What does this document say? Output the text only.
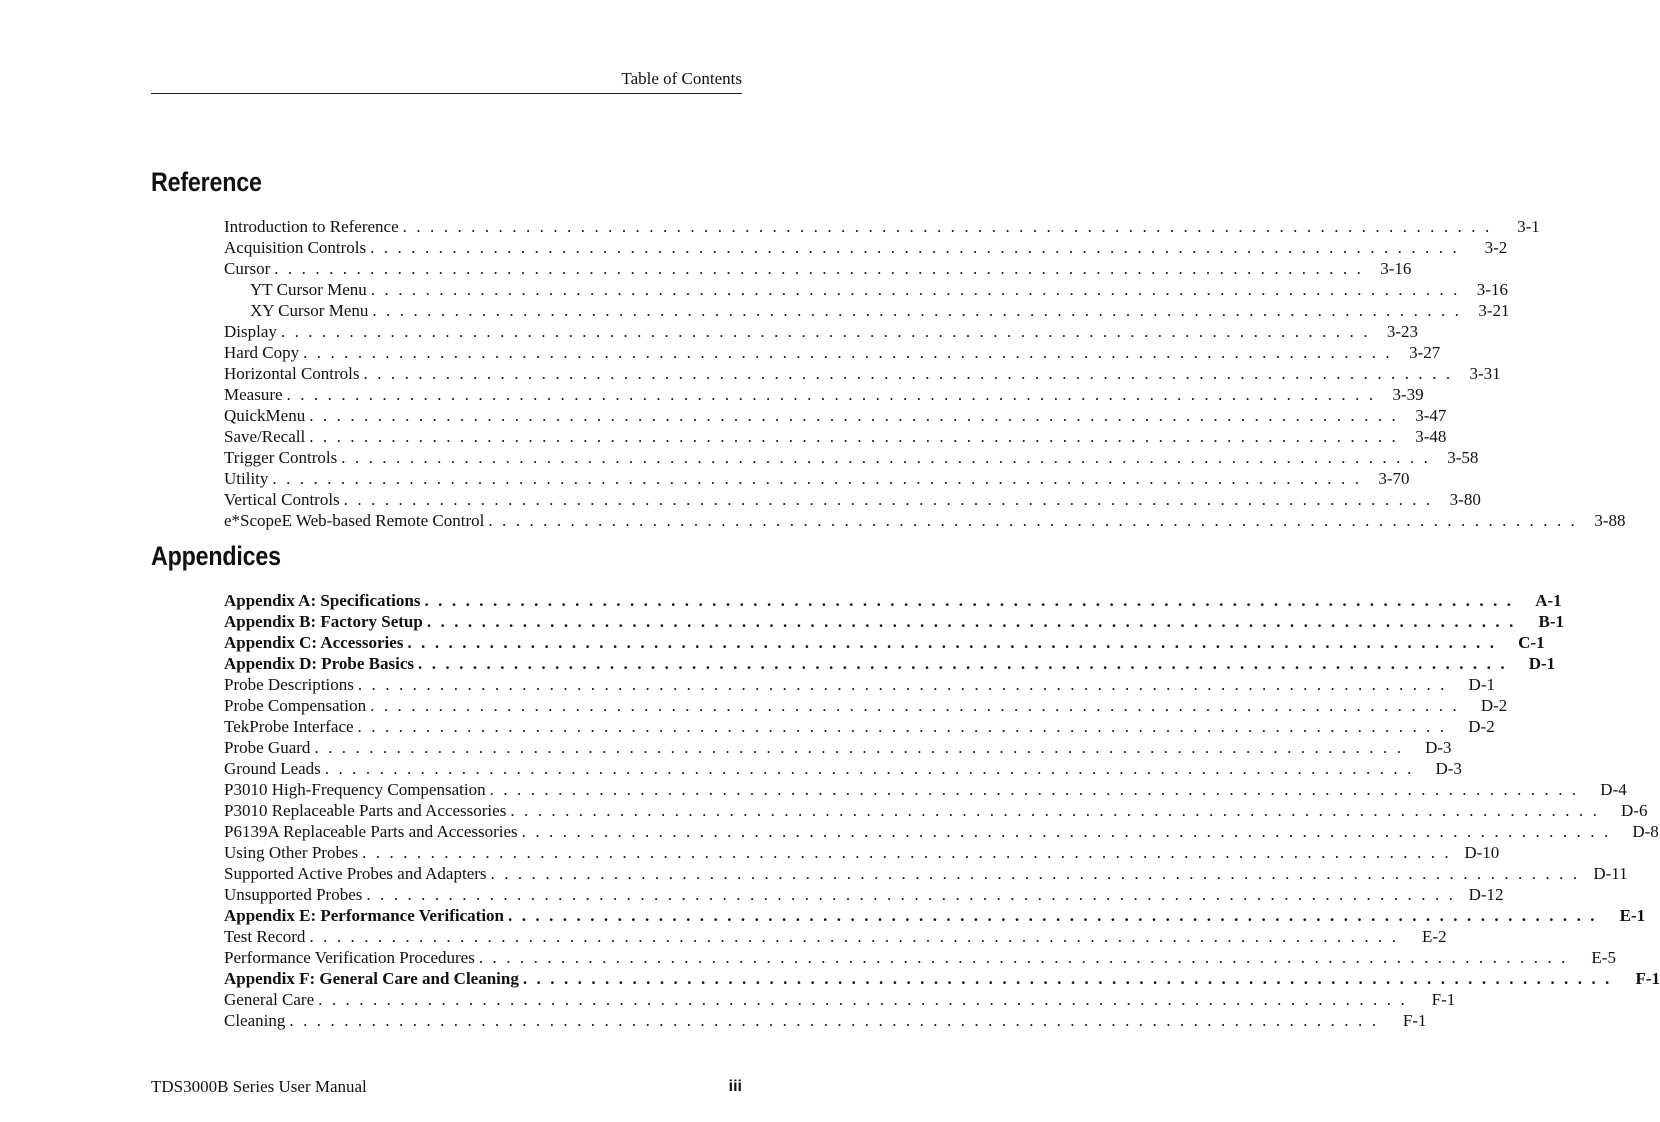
Table of Contents
Reference
Introduction to Reference . . . . . . . . . . . . . . . . . . . . . . . . . . . . . . . . . . . . . . . . . . . . . . . . . . . . . . . . . . . . . . . . . . . . . . . . . . . . . . . .	3-1
Acquisition Controls . . . . . . . . . . . . . . . . . . . . . . . . . . . . . . . . . . . . . . . . . . . . . . . . . . . . . . . . . . . . . . . . . . . . . . . . . . . . . . . .	3-2
Cursor . . . . . . . . . . . . . . . . . . . . . . . . . . . . . . . . . . . . . . . . . . . . . . . . . . . . . . . . . . . . . . . . . . . . . . . . . . . . . . . . 3-16
YT Cursor Menu . . . . . . . . . . . . . . . . . . . . . . . . . . . . . . . . . . . . . . . . . . . . . . . . . . . . . . . . . . . . . . . . . . . . . . . . . . . . . . . . 3-16
XY Cursor Menu . . . . . . . . . . . . . . . . . . . . . . . . . . . . . . . . . . . . . . . . . . . . . . . . . . . . . . . . . . . . . . . . . . . . . . . . . . . . . . . . 3-21
Display . . . . . . . . . . . . . . . . . . . . . . . . . . . . . . . . . . . . . . . . . . . . . . . . . . . . . . . . . . . . . . . . . . . . . . . . . . . . . . . . 3-23
Hard Copy . . . . . . . . . . . . . . . . . . . . . . . . . . . . . . . . . . . . . . . . . . . . . . . . . . . . . . . . . . . . . . . . . . . . . . . . . . . . . . . . 3-27
Horizontal Controls . . . . . . . . . . . . . . . . . . . . . . . . . . . . . . . . . . . . . . . . . . . . . . . . . . . . . . . . . . . . . . . . . . . . . . . . . . . . . . . . 3-31
Measure . . . . . . . . . . . . . . . . . . . . . . . . . . . . . . . . . . . . . . . . . . . . . . . . . . . . . . . . . . . . . . . . . . . . . . . . . . . . . . . . 3-39
QuickMenu . . . . . . . . . . . . . . . . . . . . . . . . . . . . . . . . . . . . . . . . . . . . . . . . . . . . . . . . . . . . . . . . . . . . . . . . . . . . . . . . 3-47
Save/Recall . . . . . . . . . . . . . . . . . . . . . . . . . . . . . . . . . . . . . . . . . . . . . . . . . . . . . . . . . . . . . . . . . . . . . . . . . . . . . . . . 3-48
Trigger Controls . . . . . . . . . . . . . . . . . . . . . . . . . . . . . . . . . . . . . . . . . . . . . . . . . . . . . . . . . . . . . . . . . . . . . . . . . . . . . . . . 3-58
Utility . . . . . . . . . . . . . . . . . . . . . . . . . . . . . . . . . . . . . . . . . . . . . . . . . . . . . . . . . . . . . . . . . . . . . . . . . . . . . . . . 3-70
Vertical Controls . . . . . . . . . . . . . . . . . . . . . . . . . . . . . . . . . . . . . . . . . . . . . . . . . . . . . . . . . . . . . . . . . . . . . . . . . . . . . . . . 3-80
e*ScopeE Web-based Remote Control . . . . . . . . . . . . . . . . . . . . . . . . . . . . . . . . . . . . . . . . . . . . . . . . . . . . . . . . . . . . . . . . . . . . . . . . . . . . . . . . 3-88
Appendices
Appendix A: Specifications . . . . . . . . . . . . . . . . . . . . . . . . . . . . . . . . . . . . . . . . . . . . . . . . . . . . . . . . . . . . . . . . . . . . . . . . . . . . . . . .	A-1
Appendix B: Factory Setup . . . . . . . . . . . . . . . . . . . . . . . . . . . . . . . . . . . . . . . . . . . . . . . . . . . . . . . . . . . . . . . . . . . . . . . . . . . . . . . .	B-1
Appendix C: Accessories . . . . . . . . . . . . . . . . . . . . . . . . . . . . . . . . . . . . . . . . . . . . . . . . . . . . . . . . . . . . . . . . . . . . . . . . . . . . . . . .	C-1
Appendix D: Probe Basics . . . . . . . . . . . . . . . . . . . . . . . . . . . . . . . . . . . . . . . . . . . . . . . . . . . . . . . . . . . . . . . . . . . . . . . . . . . . . . . .	D-1
Probe Descriptions . . . . . . . . . . . . . . . . . . . . . . . . . . . . . . . . . . . . . . . . . . . . . . . . . . . . . . . . . . . . . . . . . . . . . . . . . . . . . . . .	D-1
Probe Compensation . . . . . . . . . . . . . . . . . . . . . . . . . . . . . . . . . . . . . . . . . . . . . . . . . . . . . . . . . . . . . . . . . . . . . . . . . . . . . . . .	D-2
TekProbe Interface . . . . . . . . . . . . . . . . . . . . . . . . . . . . . . . . . . . . . . . . . . . . . . . . . . . . . . . . . . . . . . . . . . . . . . . . . . . . . . . .	D-2
Probe Guard . . . . . . . . . . . . . . . . . . . . . . . . . . . . . . . . . . . . . . . . . . . . . . . . . . . . . . . . . . . . . . . . . . . . . . . . . . . . . . . .	D-3
Ground Leads . . . . . . . . . . . . . . . . . . . . . . . . . . . . . . . . . . . . . . . . . . . . . . . . . . . . . . . . . . . . . . . . . . . . . . . . . . . . . . . .	D-3
P3010 High-Frequency Compensation . . . . . . . . . . . . . . . . . . . . . . . . . . . . . . . . . . . . . . . . . . . . . . . . . . . . . . . . . . . . . . . . . . . . . . . . . . . . . . . .	D-4
P3010 Replaceable Parts and Accessories . . . . . . . . . . . . . . . . . . . . . . . . . . . . . . . . . . . . . . . . . . . . . . . . . . . . . . . . . . . . . . . . . . . . . . . . . . . . . . . .	D-6
P6139A Replaceable Parts and Accessories . . . . . . . . . . . . . . . . . . . . . . . . . . . . . . . . . . . . . . . . . . . . . . . . . . . . . . . . . . . . . . . . . . . . . . . . . . . . . . . .	D-8
Using Other Probes . . . . . . . . . . . . . . . . . . . . . . . . . . . . . . . . . . . . . . . . . . . . . . . . . . . . . . . . . . . . . . . . . . . . . . . . . . . . . . . . D-10
Supported Active Probes and Adapters . . . . . . . . . . . . . . . . . . . . . . . . . . . . . . . . . . . . . . . . . . . . . . . . . . . . . . . . . . . . . . . . . . . . . . . . . . . . . . . . D-11
Unsupported Probes . . . . . . . . . . . . . . . . . . . . . . . . . . . . . . . . . . . . . . . . . . . . . . . . . . . . . . . . . . . . . . . . . . . . . . . . . . . . . . . . D-12
Appendix E: Performance Verification . . . . . . . . . . . . . . . . . . . . . . . . . . . . . . . . . . . . . . . . . . . . . . . . . . . . . . . . . . . . . . . . . . . . . . . . . . . . . . . .	E-1
Test Record . . . . . . . . . . . . . . . . . . . . . . . . . . . . . . . . . . . . . . . . . . . . . . . . . . . . . . . . . . . . . . . . . . . . . . . . . . . . . . . .	E-2
Performance Verification Procedures . . . . . . . . . . . . . . . . . . . . . . . . . . . . . . . . . . . . . . . . . . . . . . . . . . . . . . . . . . . . . . . . . . . . . . . . . . . . . . . .	E-5
Appendix F: General Care and Cleaning . . . . . . . . . . . . . . . . . . . . . . . . . . . . . . . . . . . . . . . . . . . . . . . . . . . . . . . . . . . . . . . . . . . . . . . . . . . . . . . .	F-1
General Care . . . . . . . . . . . . . . . . . . . . . . . . . . . . . . . . . . . . . . . . . . . . . . . . . . . . . . . . . . . . . . . . . . . . . . . . . . . . . . . .	F-1
Cleaning . . . . . . . . . . . . . . . . . . . . . . . . . . . . . . . . . . . . . . . . . . . . . . . . . . . . . . . . . . . . . . . . . . . . . . . . . . . . . . . .	F-1
TDS3000B Series User Manual	iii
